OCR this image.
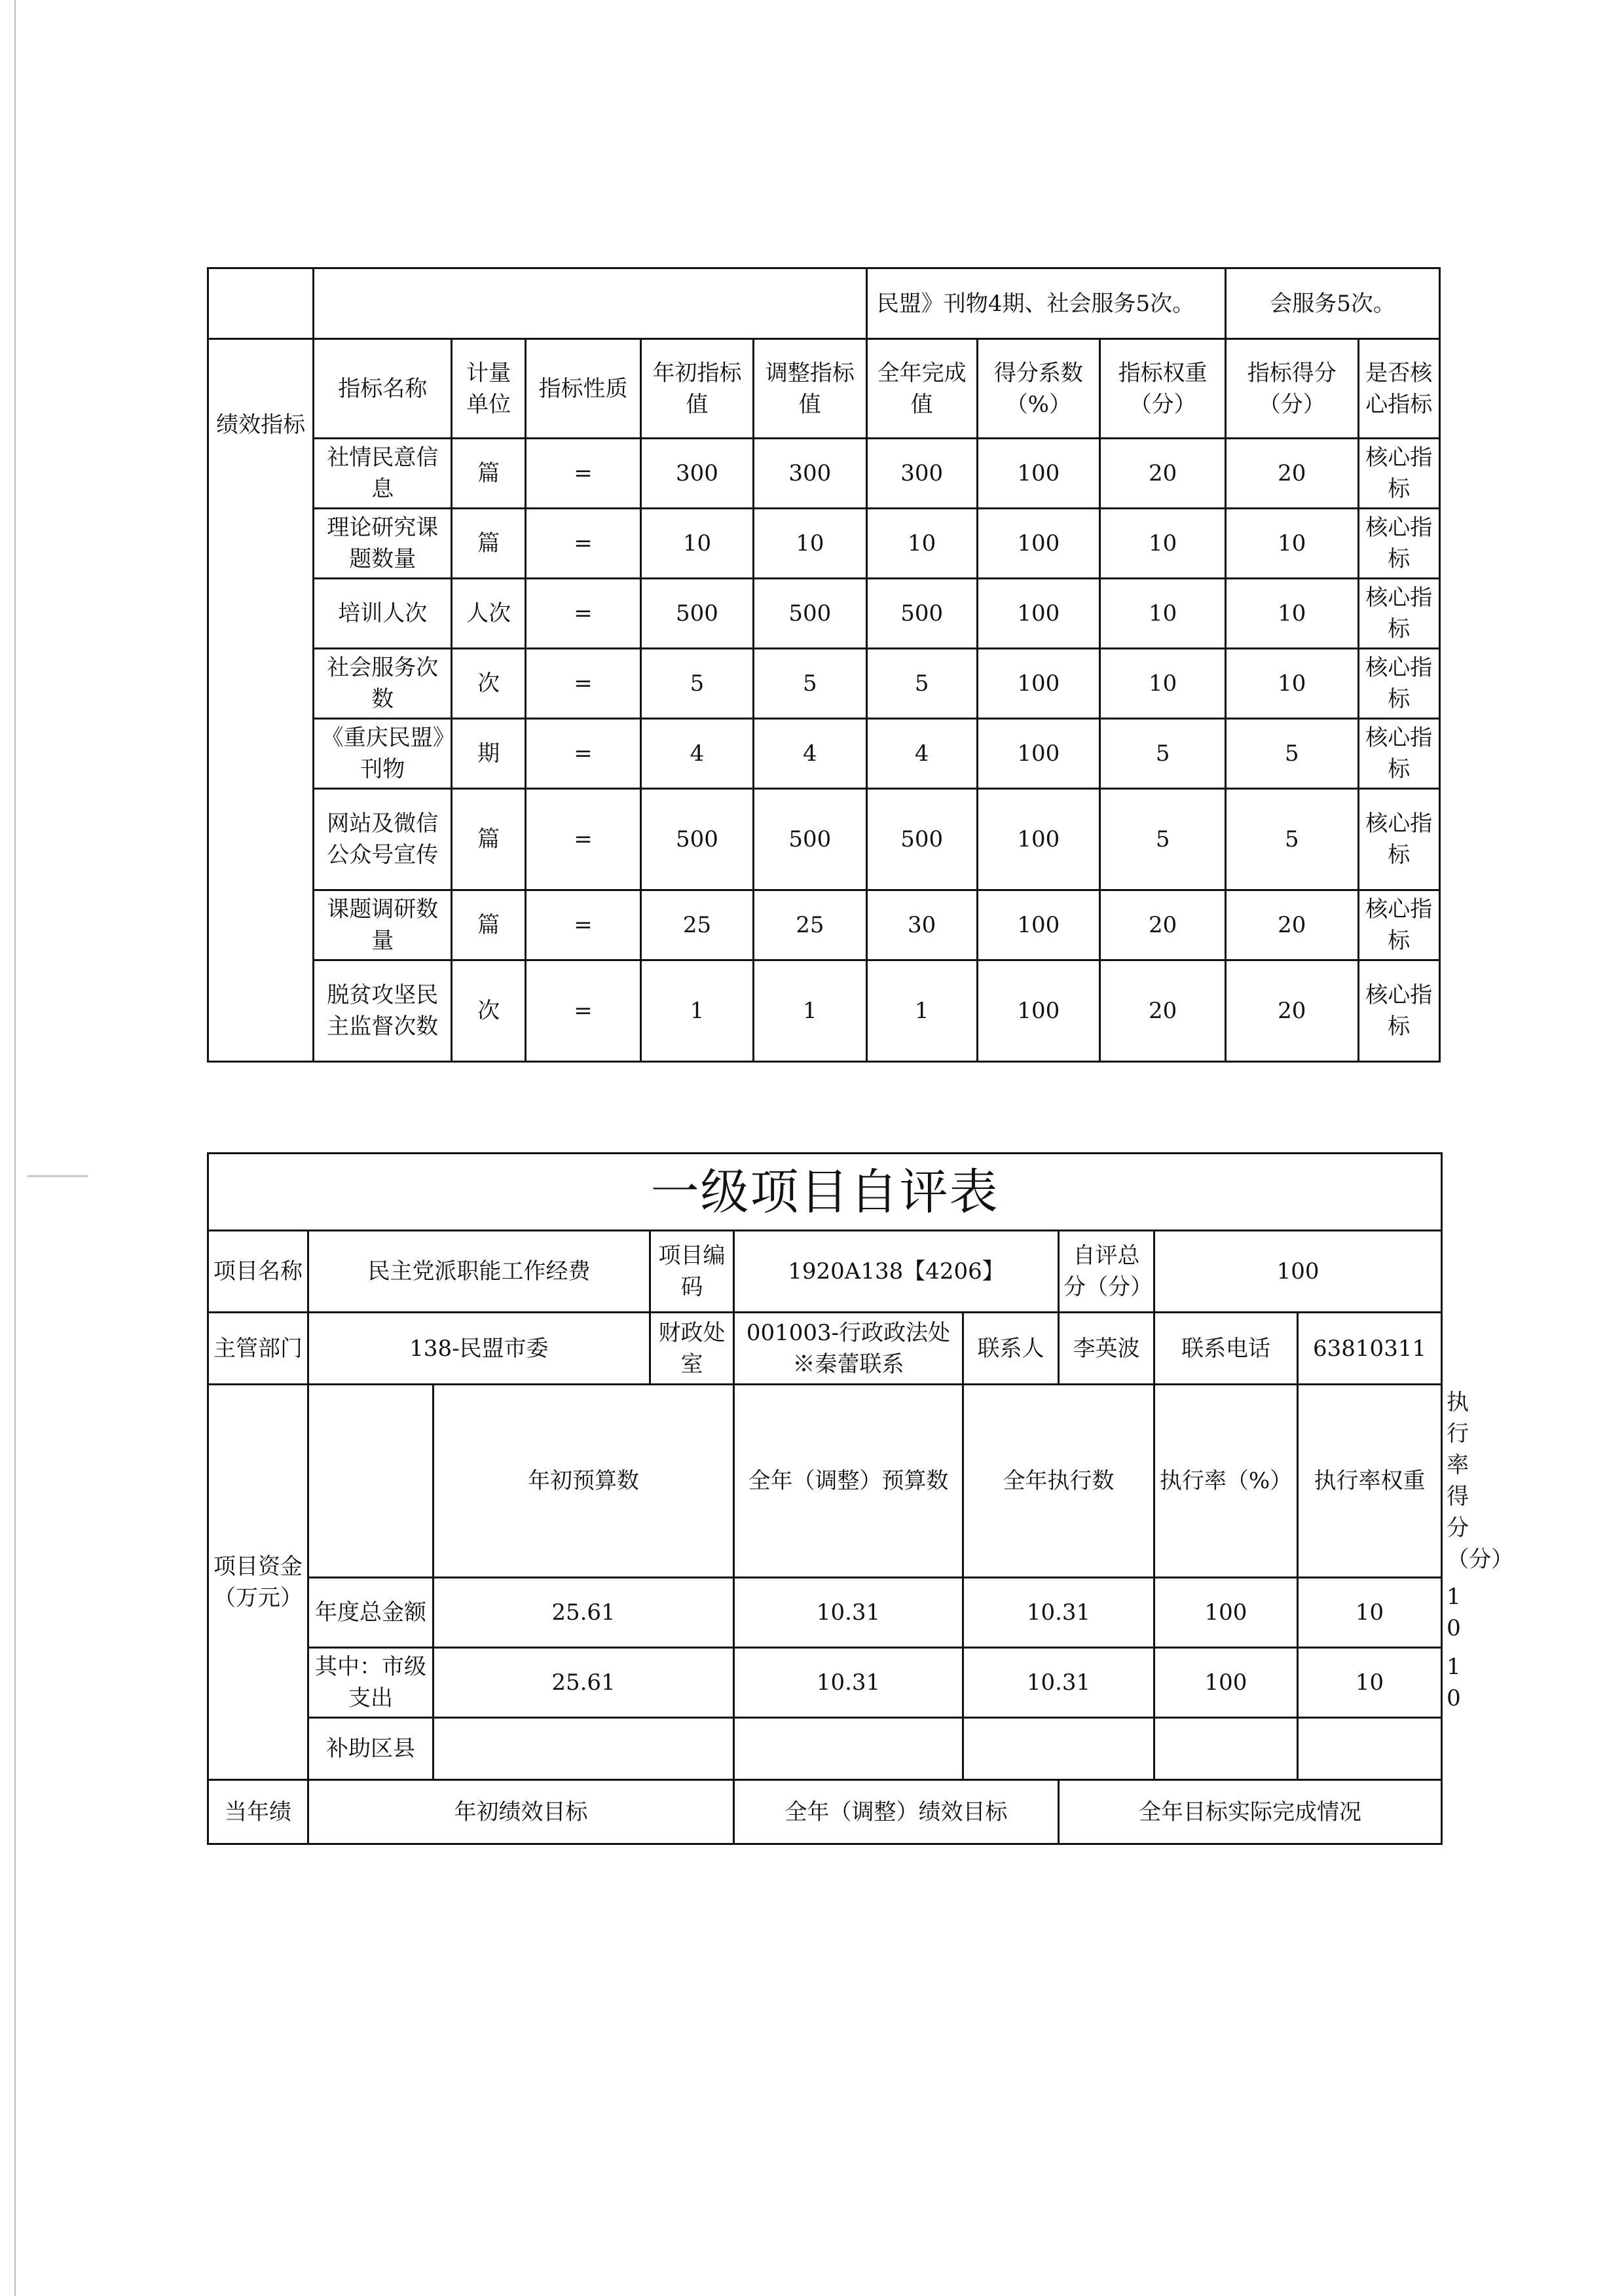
						民盟》刊物4期、社会服务5次。			会服务5次。	
绩效指标	指标名称	计量单位	指标性质	年初指标值	调整指标值	全年完成值	得分系数（%）	指标权重（分）	指标得分（分）	是否核心指标
	社情民意信息	篇	=	300	300	300	100	20	20	核心指标
	理论研究课题数量	篇	=	10	10	10	100	10	10	核心指标
	培训人次	人次	=	500	500	500	100	10	10	核心指标
	社会服务次数	次	=	5	5	5	100	10	10	核心指标
	《重庆民盟》刊物	期	=	4	4	4	100	5	5	核心指标
	网站及微信公众号宣传	篇	=	500	500	500	100	5	5	核心指标
	课题调研数量	篇	=	25	25	30	100	20	20	核心指标
	脱贫攻坚民主监督次数	次	=	1	1	1	100	20	20	核心指标
一级项目自评表									
项目名称	民主党派职能工作经费		项目编码	1920A138【4206】		自评总分（分）	100		
主管部门	138-民盟市委		财政处室	001003-行政政法处※秦蕾联系	联系人	李英波	联系电话	63810311	
项目资金（万元）		年初预算数		全年（调整）预算数	全年执行数		执行率（%）	执行率权重	执行率得分（分）
	年度总金额	25.61		10.31	10.31		100	10	10
	其中：市级支出	25.61		10.31	10.31		100	10	10
	补助区县								
当年绩	年初绩效目标			全年（调整）绩效目标		全年目标实际完成情况			
